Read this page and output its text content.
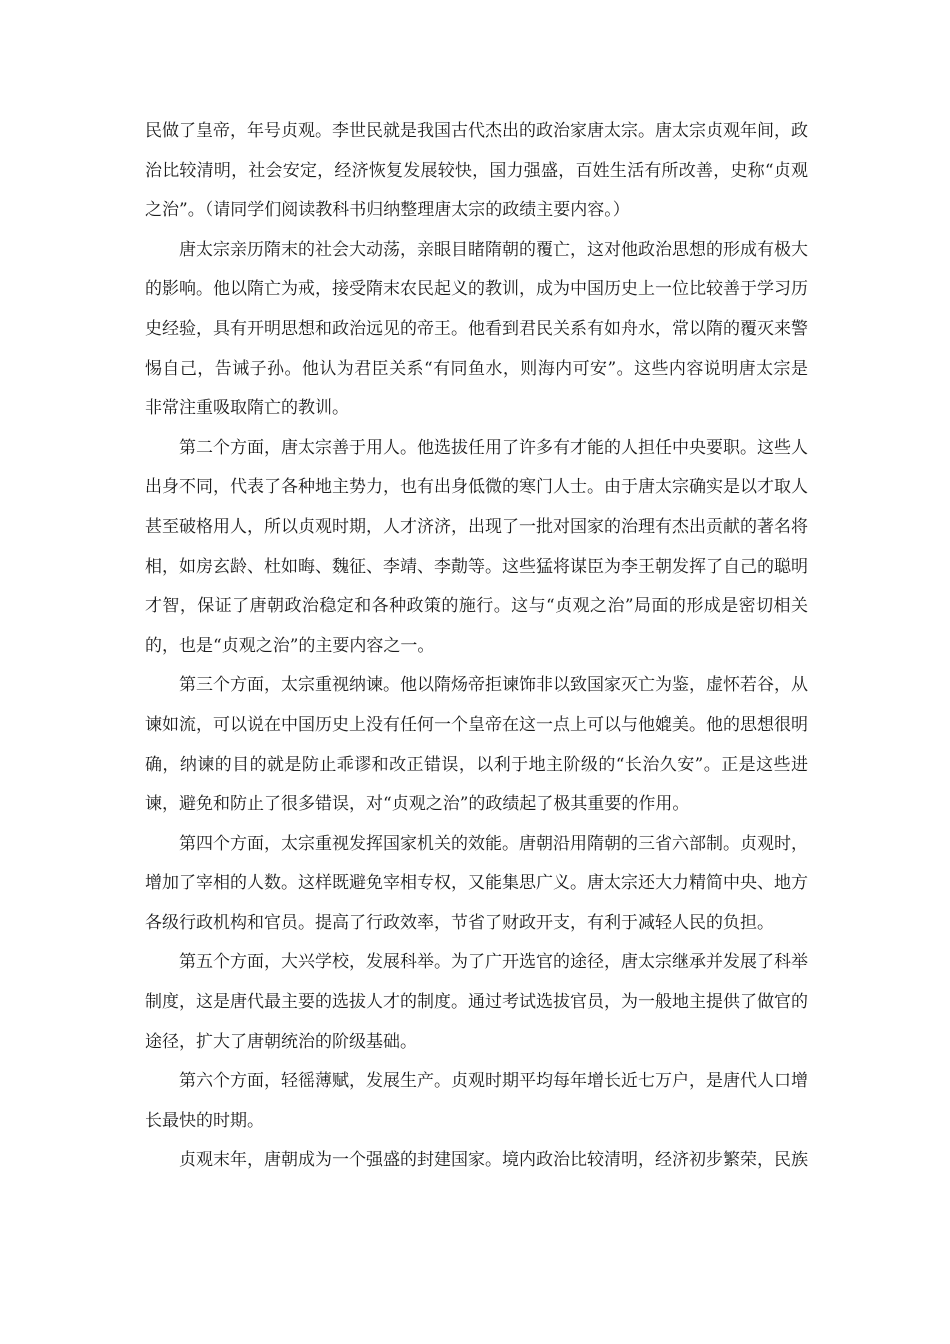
民做了皇帝，年号贞观。李世民就是我国古代杰出的政治家唐太宗。唐太宗贞观年间，政治比较清明，社会安定，经济恢复发展较快，国力强盛，百姓生活有所改善，史称“贞观之治”。（请同学们阅读教科书归纳整理唐太宗的政绩主要内容。）

唐太宗亲历隋末的社会大动荡，亲眼目睹隋朝的覆亡，这对他政治思想的形成有极大的影响。他以隋亡为戒，接受隋末农民起义的教训，成为中国历史上一位比较善于学习历史经验，具有开明思想和政治远见的帝王。他看到君民关系有如舟水，常以隋的覆灭来警惕自己，告诫子孙。他认为君臣关系“有同鱼水，则海内可安”。这些内容说明唐太宗是非常注重吸取隋亡的教训。

第二个方面，唐太宗善于用人。他选拔任用了许多有才能的人担任中央要职。这些人出身不同，代表了各种地主势力，也有出身低微的寒门人士。由于唐太宗确实是以才取人甚至破格用人，所以贞观时期，人才济济，出现了一批对国家的治理有杰出贡献的著名将相，如房玄龄、杜如晦、魏征、李靖、李勣等。这些猛将谋臣为李王朝发挥了自己的聪明才智，保证了唐朝政治稳定和各种政策的施行。这与“贞观之治”局面的形成是密切相关的，也是“贞观之治”的主要内容之一。

第三个方面，太宗重视纳谏。他以隋炀帝拒谏饰非以致国家灭亡为鉴，虚怀若谷，从谏如流，可以说在中国历史上没有任何一个皇帝在这一点上可以与他媲美。他的思想很明确，纳谏的目的就是防止乖谬和改正错误，以利于地主阶级的“长治久安”。正是这些进谏，避免和防止了很多错误，对“贞观之治”的政绩起了极其重要的作用。

第四个方面，太宗重视发挥国家机关的效能。唐朝沿用隋朝的三省六部制。贞观时，增加了宰相的人数。这样既避免宰相专权，又能集思广义。唐太宗还大力精简中央、地方各级行政机构和官员。提高了行政效率，节省了财政开支，有利于减轻人民的负担。

第五个方面，大兴学校，发展科举。为了广开选官的途径，唐太宗继承并发展了科举制度，这是唐代最主要的选拔人才的制度。通过考试选拔官员，为一般地主提供了做官的途径，扩大了唐朝统治的阶级基础。

第六个方面，轻徭薄赋，发展生产。贞观时期平均每年增长近七万户，是唐代人口增长最快的时期。

贞观末年，唐朝成为一个强盛的封建国家。境内政治比较清明，经济初步繁荣，民族
